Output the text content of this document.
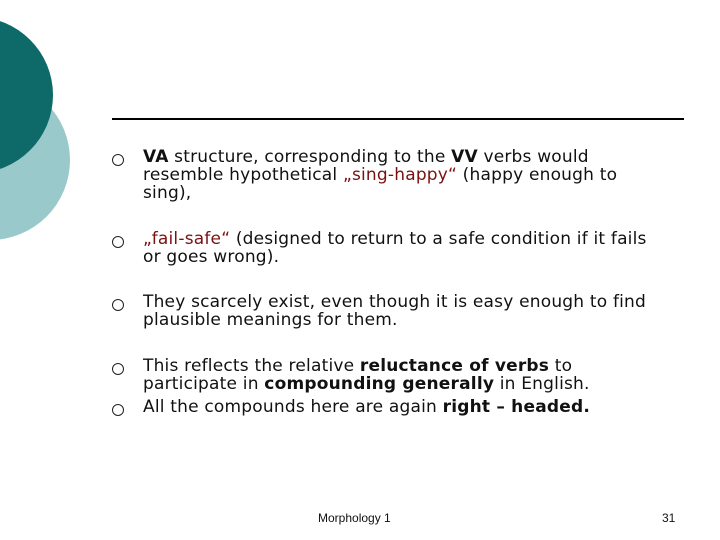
VA structure, corresponding to the VV verbs would resemble hypothetical „sing-happy“ (happy enough to sing),
„fail-safe“ (designed to return to a safe condition if it fails or goes wrong).
They scarcely exist, even though it is easy enough to find plausible meanings for them.
This reflects the relative reluctance of verbs to participate in compounding generally in English.
All the compounds here are again right – headed.
Morphology 1	31
